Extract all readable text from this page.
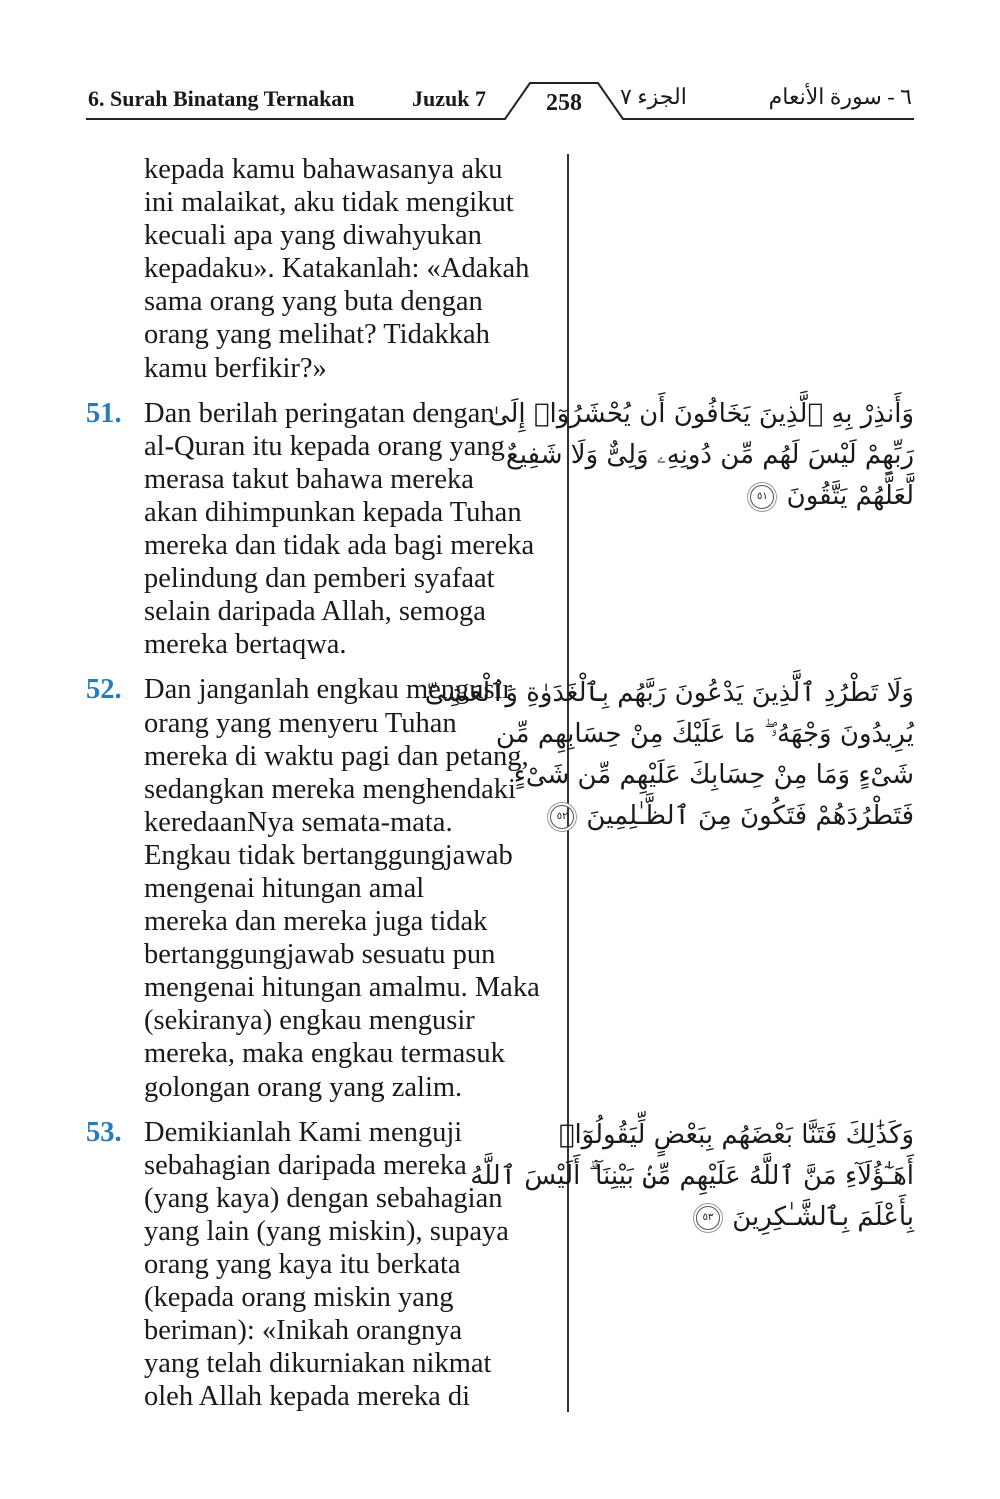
6. Surah Binatang Ternakan	Juzuk 7	258	الجزء ٧	٦ - سورة الأنعام
kepada kamu bahawasanya aku
ini malaikat, aku tidak mengikut
kecuali apa yang diwahyukan
kepadaku». Katakanlah: «Adakah
sama orang yang buta dengan
orang yang melihat? Tidakkah
kamu berfikir?»
51. Dan berilah peringatan dengan
al-Quran itu kepada orang yang
merasa takut bahawa mereka
akan dihimpunkan kepada Tuhan
mereka dan tidak ada bagi mereka
pelindung dan pemberi syafaat
selain daripada Allah, semoga
mereka bertaqwa.
52. Dan janganlah engkau mengusir
orang yang menyeru Tuhan
mereka di waktu pagi dan petang,
sedangkan mereka menghendaki
keredaanNya semata-mata.
Engkau tidak bertanggungjawab
mengenai hitungan amal
mereka dan mereka juga tidak
bertanggungjawab sesuatu pun
mengenai hitungan amalmu. Maka
(sekiranya) engkau mengusir
mereka, maka engkau termasuk
golongan orang yang zalim.
53. Demikianlah Kami menguji
sebahagian daripada mereka
(yang kaya) dengan sebahagian
yang lain (yang miskin), supaya
orang yang kaya itu berkata
(kepada orang miskin yang
beriman): «Inikah orangnya
yang telah dikurniakan nikmat
oleh Allah kepada mereka di
وَأَنذِرْ بِهِ ٱلَّذِينَ يَخَافُونَ أَن يُحْشَرُوٓا۟ إِلَىٰ
رَبِّهِمْ لَيْسَ لَهُم مِّن دُونِهِۦ وَلِىٌّ وَلَا شَفِيعٌ
لَّعَلَّهُمْ يَتَّقُونَ ٥١
وَلَا تَطْرُدِ ٱلَّذِينَ يَدْعُونَ رَبَّهُم بِٱلْغَدَوٰةِ وَٱلْعَشِىِّ
يُرِيدُونَ وَجْهَهُۥ ۖ مَا عَلَيْكَ مِنْ حِسَابِهِم مِّن
شَىْءٍ وَمَا مِنْ حِسَابِكَ عَلَيْهِم مِّن شَىْءٍ
فَتَطْرُدَهُمْ فَتَكُونَ مِنَ ٱلظَّـٰلِمِينَ ٥٢
وَكَذَٰلِكَ فَتَنَّا بَعْضَهُم بِبَعْضٍ لِّيَقُولُوٓا۟
أَهَـٰٓؤُلَآءِ مَنَّ ٱللَّهُ عَلَيْهِم مِّنۢ بَيْنِنَآ ۗ أَلَيْسَ ٱللَّهُ
بِأَعْلَمَ بِٱلشَّـٰكِرِينَ ٥٣
